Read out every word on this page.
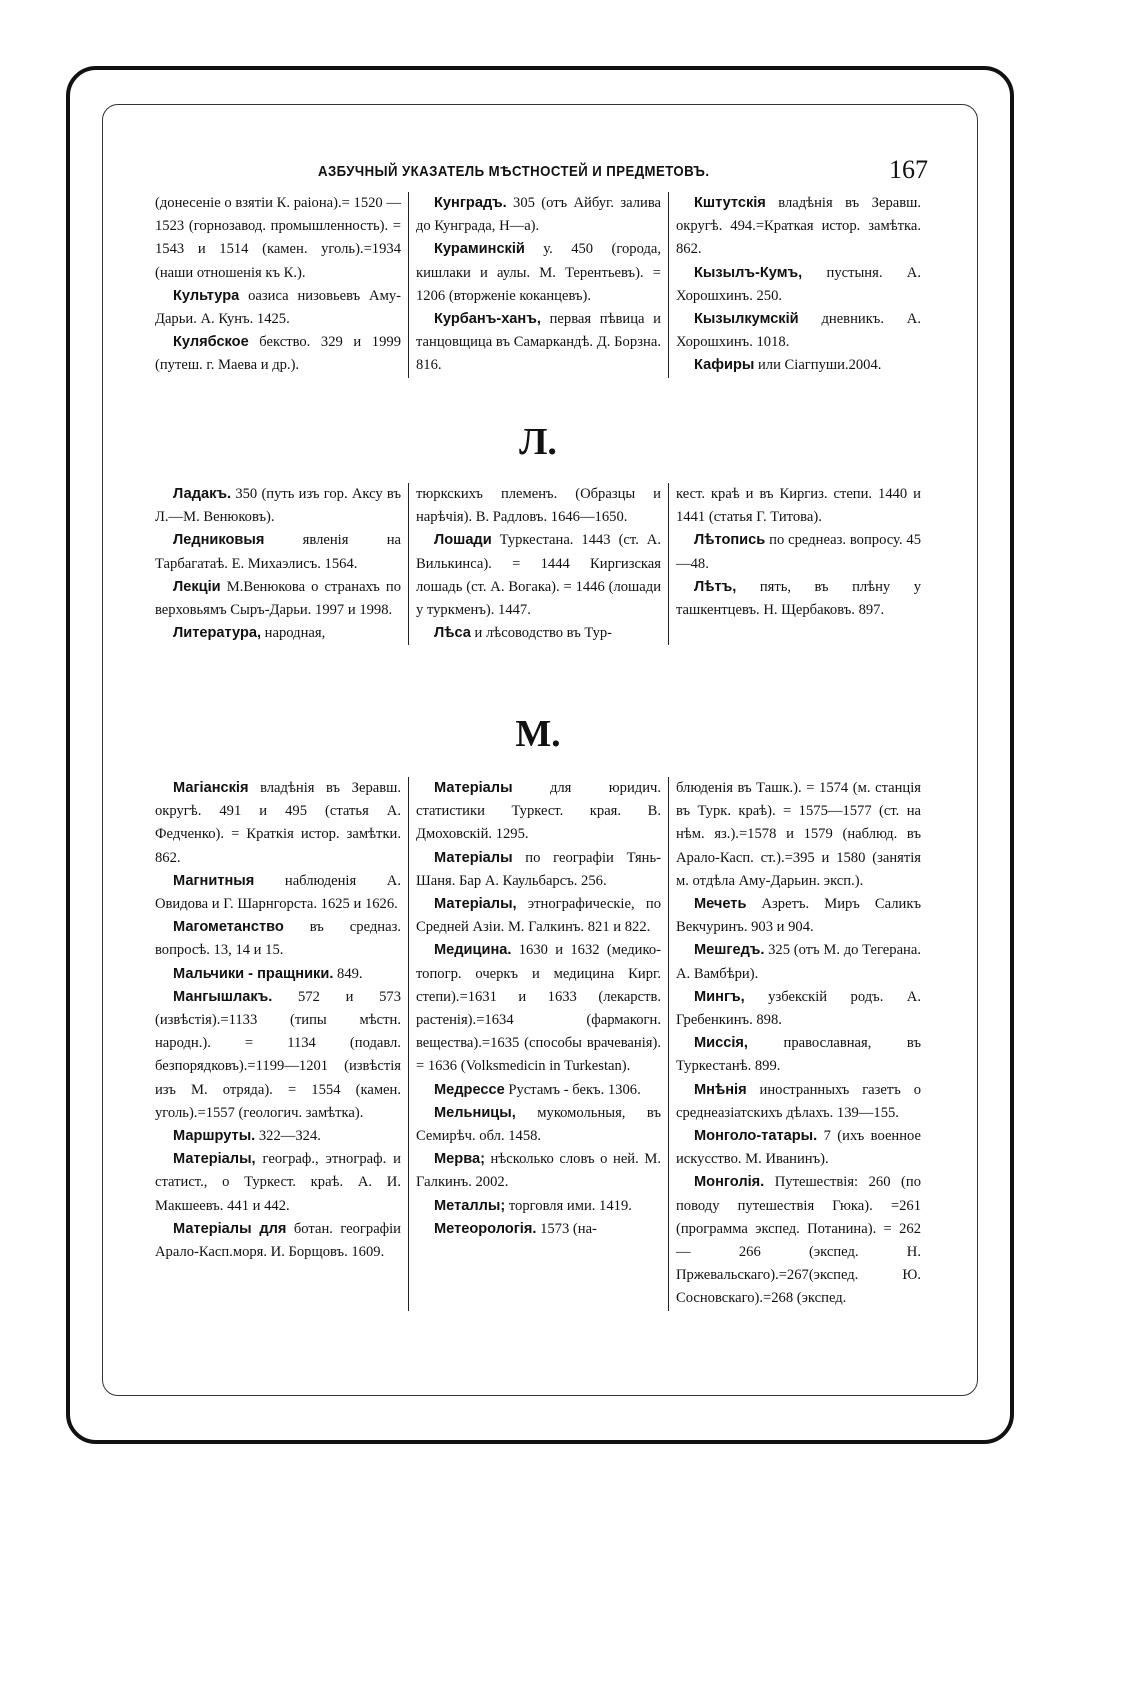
АЗБУЧНЫЙ УКАЗАТЕЛЬ МѢСТНОСТЕЙ И ПРЕДМЕТОВЪ.	167

(донесеніе о взятіи К. раіона).= 1520 — 1523 (горнозавод. промышленность). = 1543 и 1514 (камен. уголь).=1934 (наши отношенія къ К.).

Культура оазиса низовьевъ Аму-Дарьи. А. Кунъ. 1425.

Кулябское бекство. 329 и 1999 (путеш. г. Маева и др.).

Кунградъ. 305 (отъ Айбуг. залива до Кунграда, Н—а).

Кураминскій у. 450 (города, кишлаки и аулы. М. Терентьевъ). = 1206 (вторженіе коканцевъ).

Курбанъ-ханъ, первая пѣвица и танцовщица въ Самаркандѣ. Д. Борзна. 816.

Кштутскія владѣнія въ Зеравш. округѣ. 494.=Краткая истор. замѣтка. 862.

Кызылъ-Кумъ, пустыня. А. Хорошхинъ. 250.

Кызылкумскій дневникъ. А. Хорошхинъ. 1018.

Кафиры или Сіагпуши.2004.

Л.

Ладакъ. 350 (путь изъ гор. Аксу въ Л.—М. Венюковъ).

Ледниковыя явленія на Тарбагатаѣ. Е. Михаэлисъ. 1564.

Лекціи М.Венюкова о странахъ по верховьямъ Сыръ-Дарьи. 1997 и 1998.

Литература, народная,

тюркскихъ племенъ. (Образцы и нарѣчія). В. Радловъ. 1646—1650.

Лошади Туркестана. 1443 (ст. А. Вилькинса). = 1444 Киргизская лошадь (ст. А. Вогака). = 1446 (лошади у туркменъ). 1447.

Лѣса и лѣсоводство въ Тур-

кест. краѣ и въ Киргиз. степи. 1440 и 1441 (статья Г. Титова).

Лѣтопись по среднеаз. вопросу. 45—48.

Лѣтъ, пять, въ плѣну у ташкентцевъ. Н. Щербаковъ. 897.

М.

Магіанскія владѣнія въ Зеравш. округѣ. 491 и 495 (статья А. Федченко). = Краткія истор. замѣтки. 862.

Магнитныя наблюденія А. Овидова и Г. Шарнгорста. 1625 и 1626.

Магометанство въ средназ. вопросѣ. 13, 14 и 15.

Мальчики - пращники. 849.

Мангышлакъ. 572 и 573 (извѣстія).=1133 (типы мѣстн. народн.). = 1134 (подавл. безпорядковъ).=1199—1201 (извѣстія изъ М. отряда). = 1554 (камен. уголь).=1557 (геологич. замѣтка).

Маршруты. 322—324.

Матеріалы, географ., этнограф. и статист., о Туркест. краѣ. А. И. Макшеевъ. 441 и 442.

Матеріалы для ботан. географіи Арало-Касп.моря. И. Борщовъ. 1609.

Матеріалы для юридич. статистики Туркест. края. В. Дмоховскій. 1295.

Матеріалы по географіи Тянь-Шаня. Бар А. Каульбарсъ. 256.

Матеріалы, этнографическіе, по Средней Азіи. М. Галкинъ. 821 и 822.

Медицина. 1630 и 1632 (медико-топогр. очеркъ и медицина Кирг. степи).=1631 и 1633 (лекарств. растенія).=1634 (фармакогн. вещества).=1635 (способы врачеванія). = 1636 (Volksmedicin in Turkestan).

Медрессе Рустамъ - бекъ. 1306.

Мельницы, мукомольныя, въ Семирѣч. обл. 1458.

Мерва; нѣсколько словъ о ней. М. Галкинъ. 2002.

Металлы; торговля ими. 1419.

Метеорологія. 1573 (на-

блюденія въ Ташк.). = 1574 (м. станція въ Турк. краѣ). = 1575—1577 (ст. на нѣм. яз.).=1578 и 1579 (наблюд. въ Арало-Касп. ст.).=395 и 1580 (занятія м. отдѣла Аму-Дарьин. эксп.).

Мечеть Азретъ. Миръ Саликъ Векчуринъ. 903 и 904.

Мешгедъ. 325 (отъ М. до Тегерана. А. Вамбѣри).

Мингъ, узбекскій родъ. А. Гребенкинъ. 898.

Миссія, православная, въ Туркестанѣ. 899.

Мнѣнія иностранныхъ газетъ о среднеазіатскихъ дѣлахъ. 139—155.

Монголо-татары. 7 (ихъ военное искусство. М. Иванинъ).

Монголія. Путешествія: 260 (по поводу путешествія Гюка). =261 (программа экспед. Потанина). = 262 — 266 (экспед. Н. Пржевальскаго).=267(экспед. Ю. Сосновскаго).=268 (экспед.
